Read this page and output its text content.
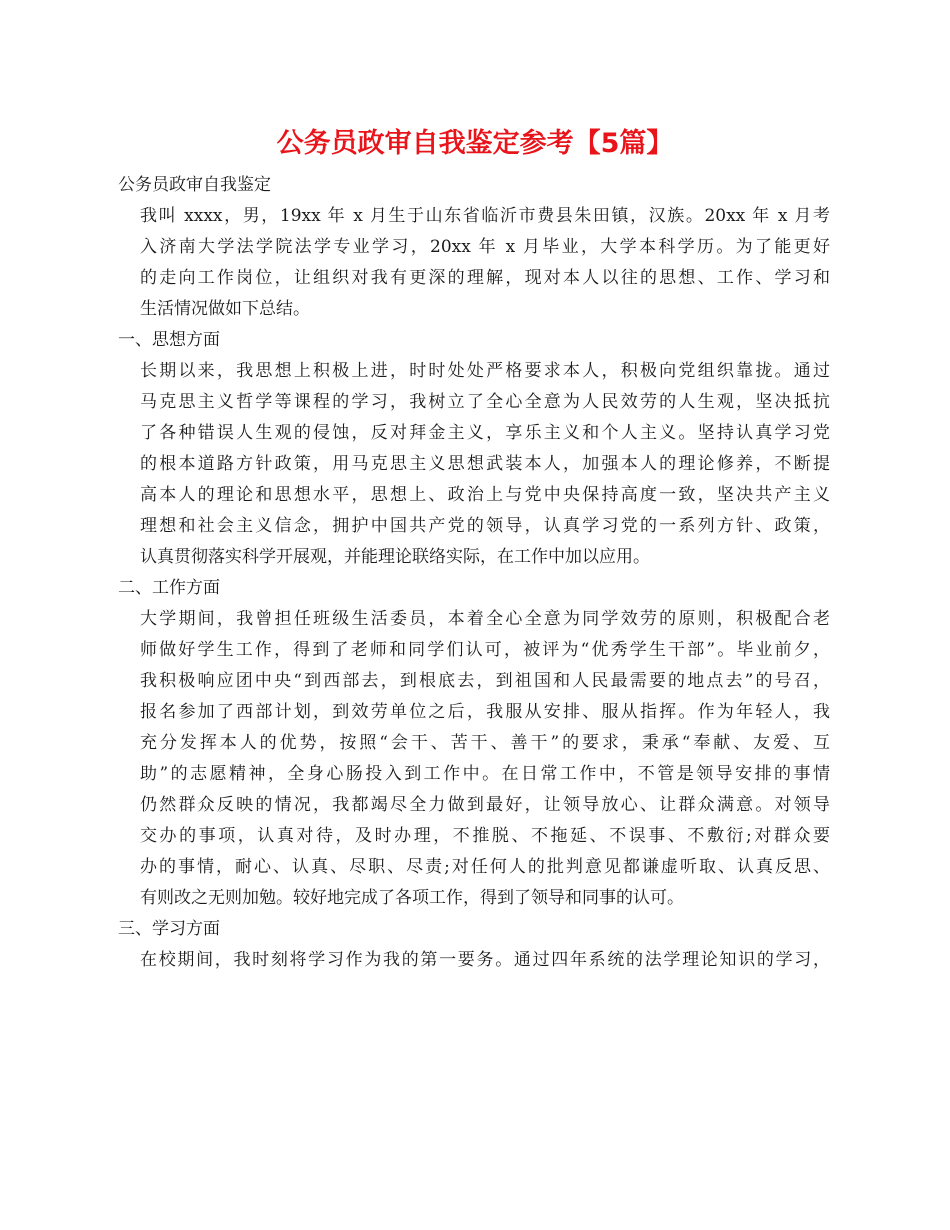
公务员政审自我鉴定参考【5篇】
公务员政审自我鉴定
我叫 xxxx，男，19xx 年 x 月生于山东省临沂市费县朱田镇，汉族。20xx 年 x 月考
入济南大学法学院法学专业学习，20xx 年 x 月毕业，大学本科学历。为了能更好
的走向工作岗位，让组织对我有更深的理解，现对本人以往的思想、工作、学习和
生活情况做如下总结。
一、思想方面
长期以来，我思想上积极上进，时时处处严格要求本人，积极向党组织靠拢。通过
马克思主义哲学等课程的学习，我树立了全心全意为人民效劳的人生观，坚决抵抗
了各种错误人生观的侵蚀，反对拜金主义，享乐主义和个人主义。坚持认真学习党
的根本道路方针政策，用马克思主义思想武装本人，加强本人的理论修养，不断提
高本人的理论和思想水平，思想上、政治上与党中央保持高度一致，坚决共产主义
理想和社会主义信念，拥护中国共产党的领导，认真学习党的一系列方针、政策，
认真贯彻落实科学开展观，并能理论联络实际，在工作中加以应用。
二、工作方面
大学期间，我曾担任班级生活委员，本着全心全意为同学效劳的原则，积极配合老
师做好学生工作，得到了老师和同学们认可，被评为“优秀学生干部”。毕业前夕，
我积极响应团中央“到西部去，到根底去，到祖国和人民最需要的地点去”的号召，
报名参加了西部计划，到效劳单位之后，我服从安排、服从指挥。作为年轻人，我
充分发挥本人的优势，按照“会干、苦干、善干”的要求，秉承“奉献、友爱、互
助”的志愿精神，全身心肠投入到工作中。在日常工作中，不管是领导安排的事情
仍然群众反映的情况，我都竭尽全力做到最好，让领导放心、让群众满意。对领导
交办的事项，认真对待，及时办理，不推脱、不拖延、不误事、不敷衍;对群众要
办的事情，耐心、认真、尽职、尽责;对任何人的批判意见都谦虚听取、认真反思、
有则改之无则加勉。较好地完成了各项工作，得到了领导和同事的认可。
三、学习方面
在校期间，我时刻将学习作为我的第一要务。通过四年系统的法学理论知识的学习，
